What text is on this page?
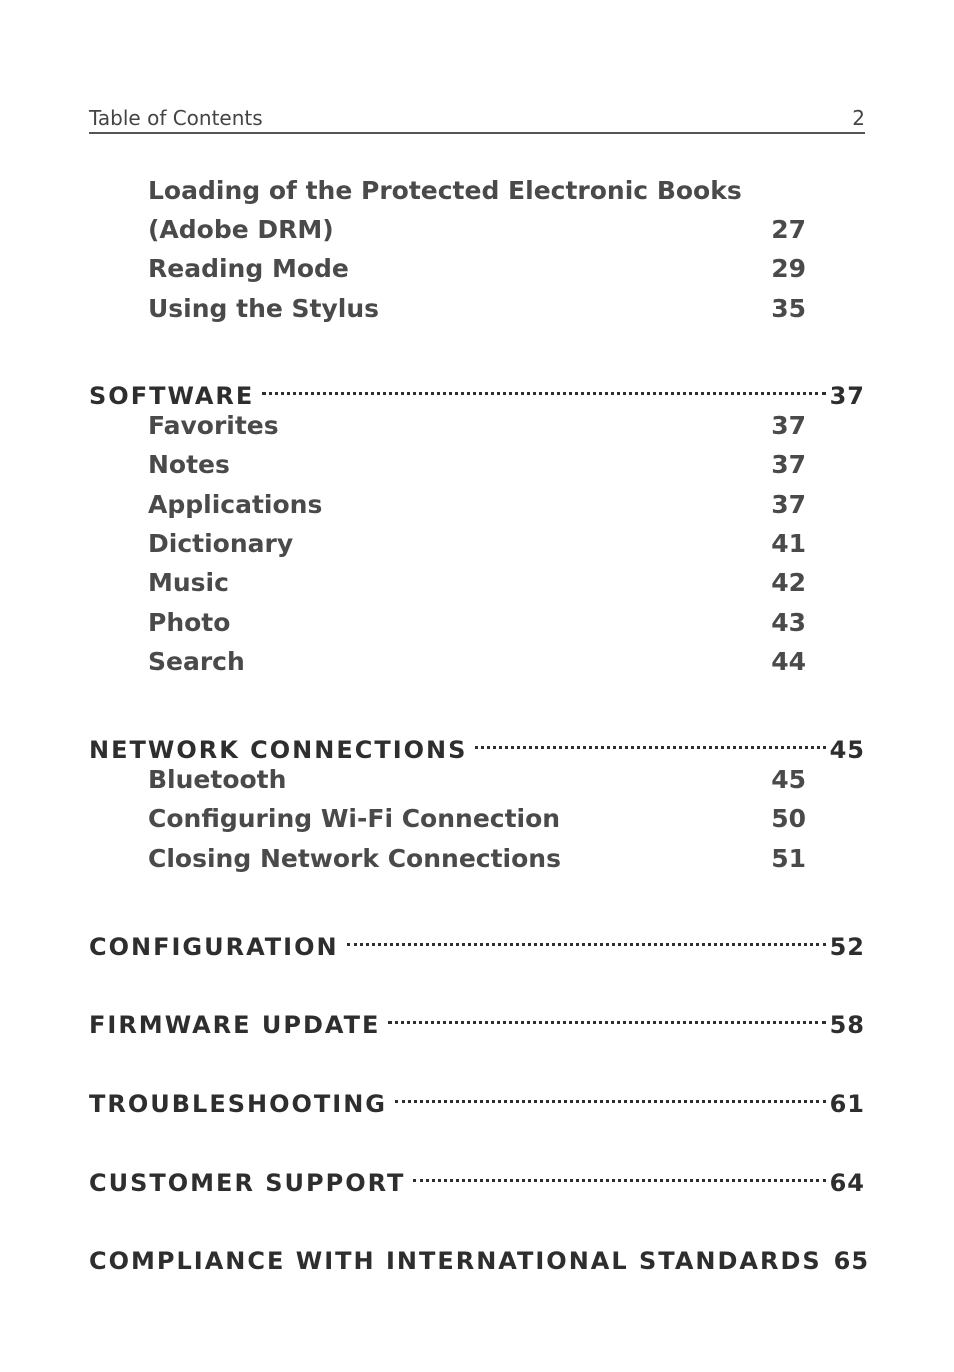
Table of Contents	2
Loading of the Protected Electronic Books
(Adobe DRM)	27
Reading Mode	29
Using the Stylus	35
SOFTWARE	37
Favorites	37
Notes	37
Applications	37
Dictionary	41
Music	42
Photo	43
Search	44
NETWORK CONNECTIONS	45
Bluetooth	45
Configuring Wi-Fi Connection	50
Closing Network Connections	51
CONFIGURATION	52
FIRMWARE UPDATE	58
TROUBLESHOOTING	61
CUSTOMER SUPPORT	64
COMPLIANCE WITH INTERNATIONAL STANDARDS 65
